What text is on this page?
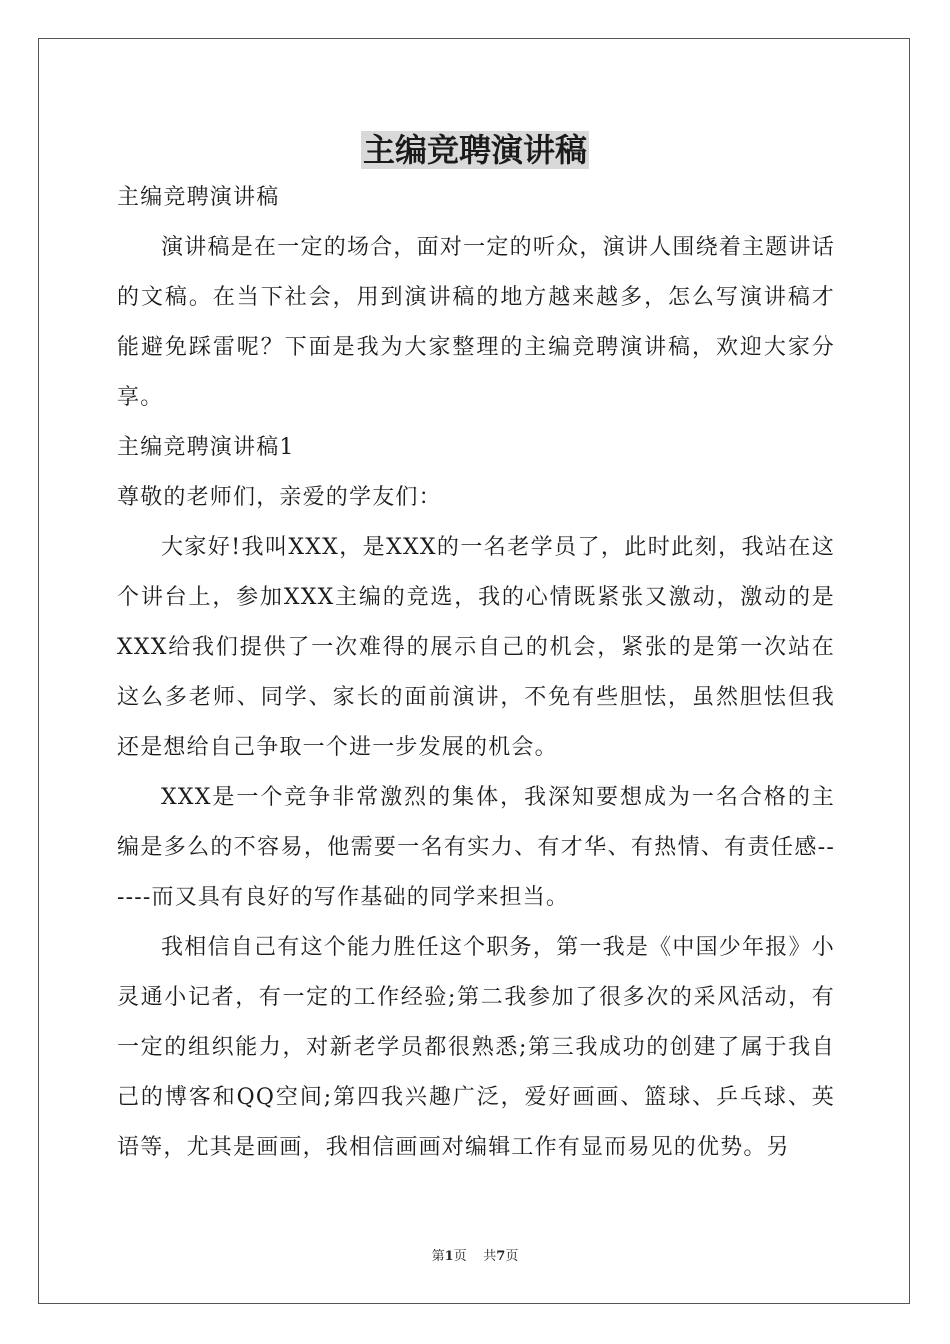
主编竞聘演讲稿

主编竞聘演讲稿

演讲稿是在一定的场合，面对一定的听众，演讲人围绕着主题讲话的文稿。在当下社会，用到演讲稿的地方越来越多，怎么写演讲稿才能避免踩雷呢？下面是我为大家整理的主编竞聘演讲稿，欢迎大家分享。

主编竞聘演讲稿1

尊敬的老师们，亲爱的学友们：

大家好!我叫XXX，是XXX的一名老学员了，此时此刻，我站在这个讲台上，参加XXX主编的竞选，我的心情既紧张又激动，激动的是XXX给我们提供了一次难得的展示自己的机会，紧张的是第一次站在这么多老师、同学、家长的面前演讲，不免有些胆怯，虽然胆怯但我还是想给自己争取一个进一步发展的机会。

XXX是一个竞争非常激烈的集体，我深知要想成为一名合格的主编是多么的不容易，他需要一名有实力、有才华、有热情、有责任感------而又具有良好的写作基础的同学来担当。

我相信自己有这个能力胜任这个职务，第一我是《中国少年报》小灵通小记者，有一定的工作经验;第二我参加了很多次的采风活动，有一定的组织能力，对新老学员都很熟悉;第三我成功的创建了属于我自己的博客和QQ空间;第四我兴趣广泛，爱好画画、篮球、乒乓球、英语等，尤其是画画，我相信画画对编辑工作有显而易见的优势。另

第1页 共7页
